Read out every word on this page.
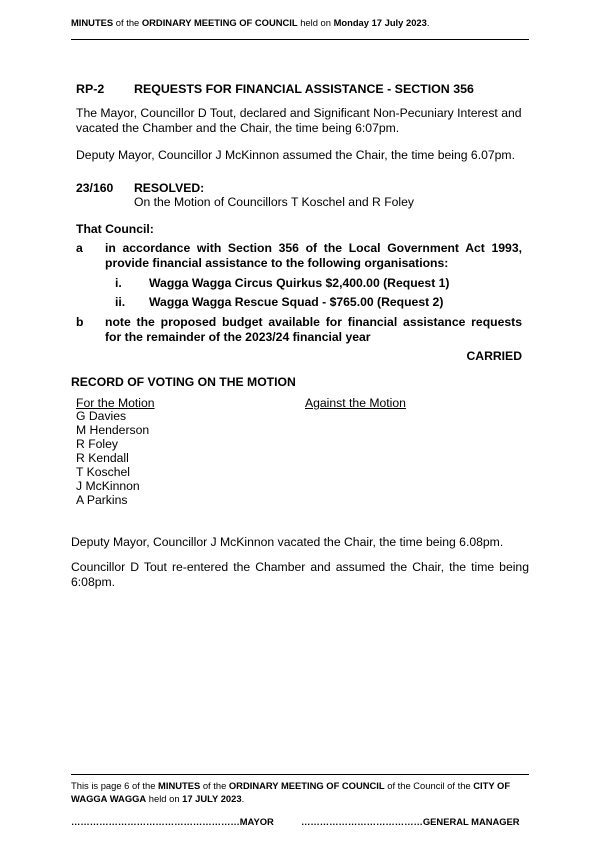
MINUTES of the ORDINARY MEETING OF COUNCIL held on Monday 17 July 2023.
RP-2 REQUESTS FOR FINANCIAL ASSISTANCE - SECTION 356
The Mayor, Councillor D Tout, declared and Significant Non-Pecuniary Interest and vacated the Chamber and the Chair, the time being 6:07pm.
Deputy Mayor, Councillor J McKinnon assumed the Chair, the time being 6.07pm.
23/160 RESOLVED:
On the Motion of Councillors T Koschel and R Foley
That Council:
a in accordance with Section 356 of the Local Government Act 1993, provide financial assistance to the following organisations:
i. Wagga Wagga Circus Quirkus $2,400.00 (Request 1)
ii. Wagga Wagga Rescue Squad - $765.00 (Request 2)
b note the proposed budget available for financial assistance requests for the remainder of the 2023/24 financial year
CARRIED
RECORD OF VOTING ON THE MOTION
For the Motion	Against the Motion
G Davies
M Henderson
R Foley
R Kendall
T Koschel
J McKinnon
A Parkins
Deputy Mayor, Councillor J McKinnon vacated the Chair, the time being 6.08pm.
Councillor D Tout re-entered the Chamber and assumed the Chair, the time being 6:08pm.
This is page 6 of the MINUTES of the ORDINARY MEETING OF COUNCIL of the Council of the CITY OF WAGGA WAGGA held on 17 JULY 2023.
………………………………………………MAYOR	…………………………………GENERAL MANAGER
